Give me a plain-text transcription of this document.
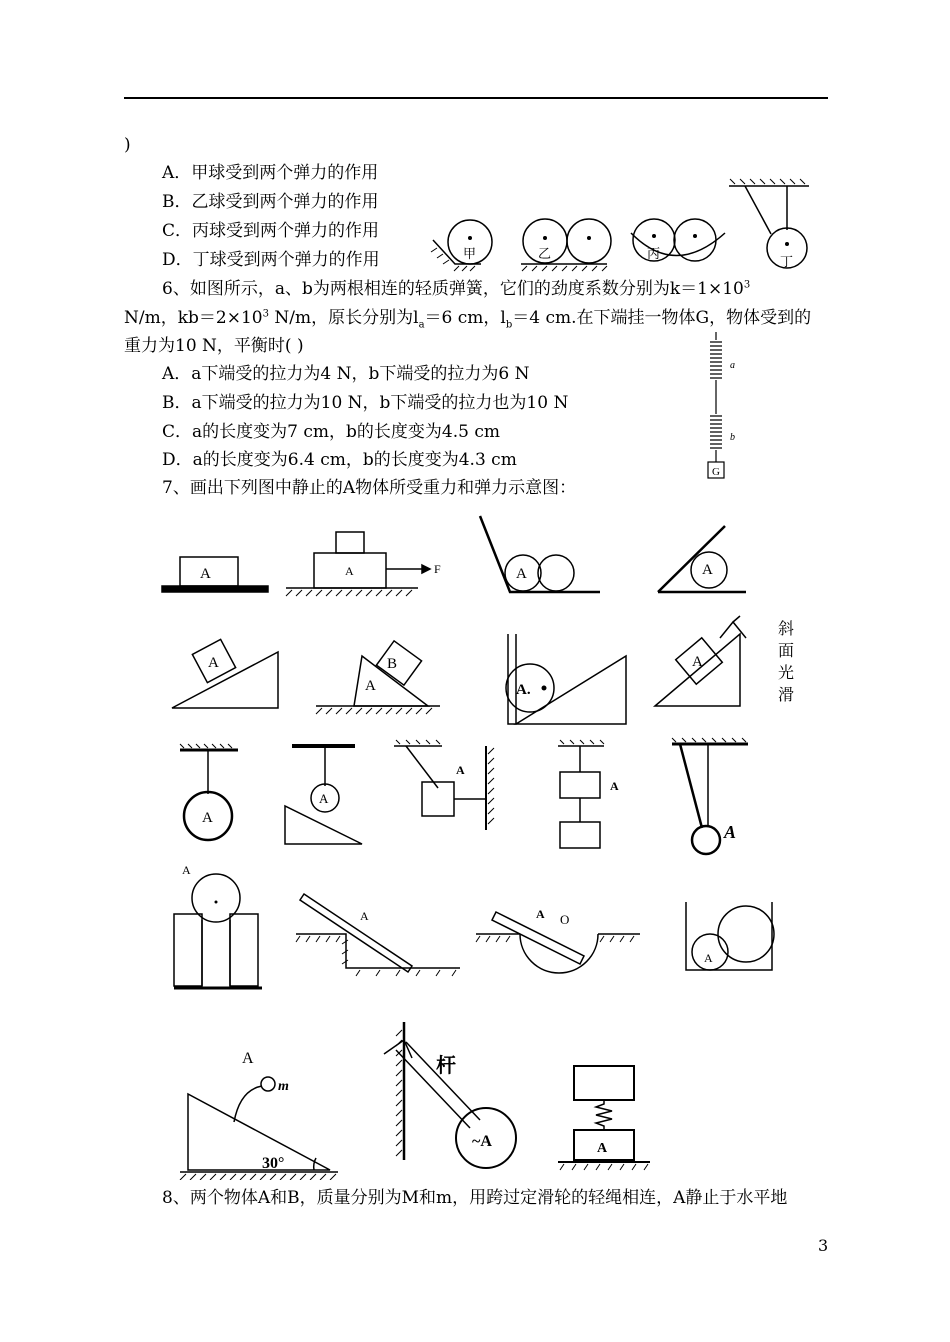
)
A．甲球受到两个弹力的作用
B．乙球受到两个弹力的作用
C．丙球受到两个弹力的作用
D．丁球受到两个弹力的作用	甲	乙	丙
丁
6、如图所示，a、b为两根相连的轻质弹簧，它们的劲度系数分别为$k=1\times 10^3$
N/m，$kb=2\times 10^3$ N/m，原长分别为$l_a=6$ cm，$l_b=4$ cm.在下端挂一物体G，物体受到的
重力为10 N，平衡时( )
A．a下端受的拉力为4 N，b下端受的拉力为6 N
B．a下端受的拉力为10 N，b下端受的拉力也为10 N
C．a的长度变为7 cm，b的长度变为4.5 cm
D．a的长度变为6.4 cm，b的长度变为4.3 cm
a
b
G
7、画出下列图中静止的A物体所受重力和弹力示意图：
A	A	F	A	A
A
A
B
A.
A
斜
面
光
滑
A
A
A
A
A
A
A	A O
A
A
m
30°
杆
~A	A
8、两个物体A和B，质量分别为M和m，用跨过定滑轮的轻绳相连，A静止于水平地
3
